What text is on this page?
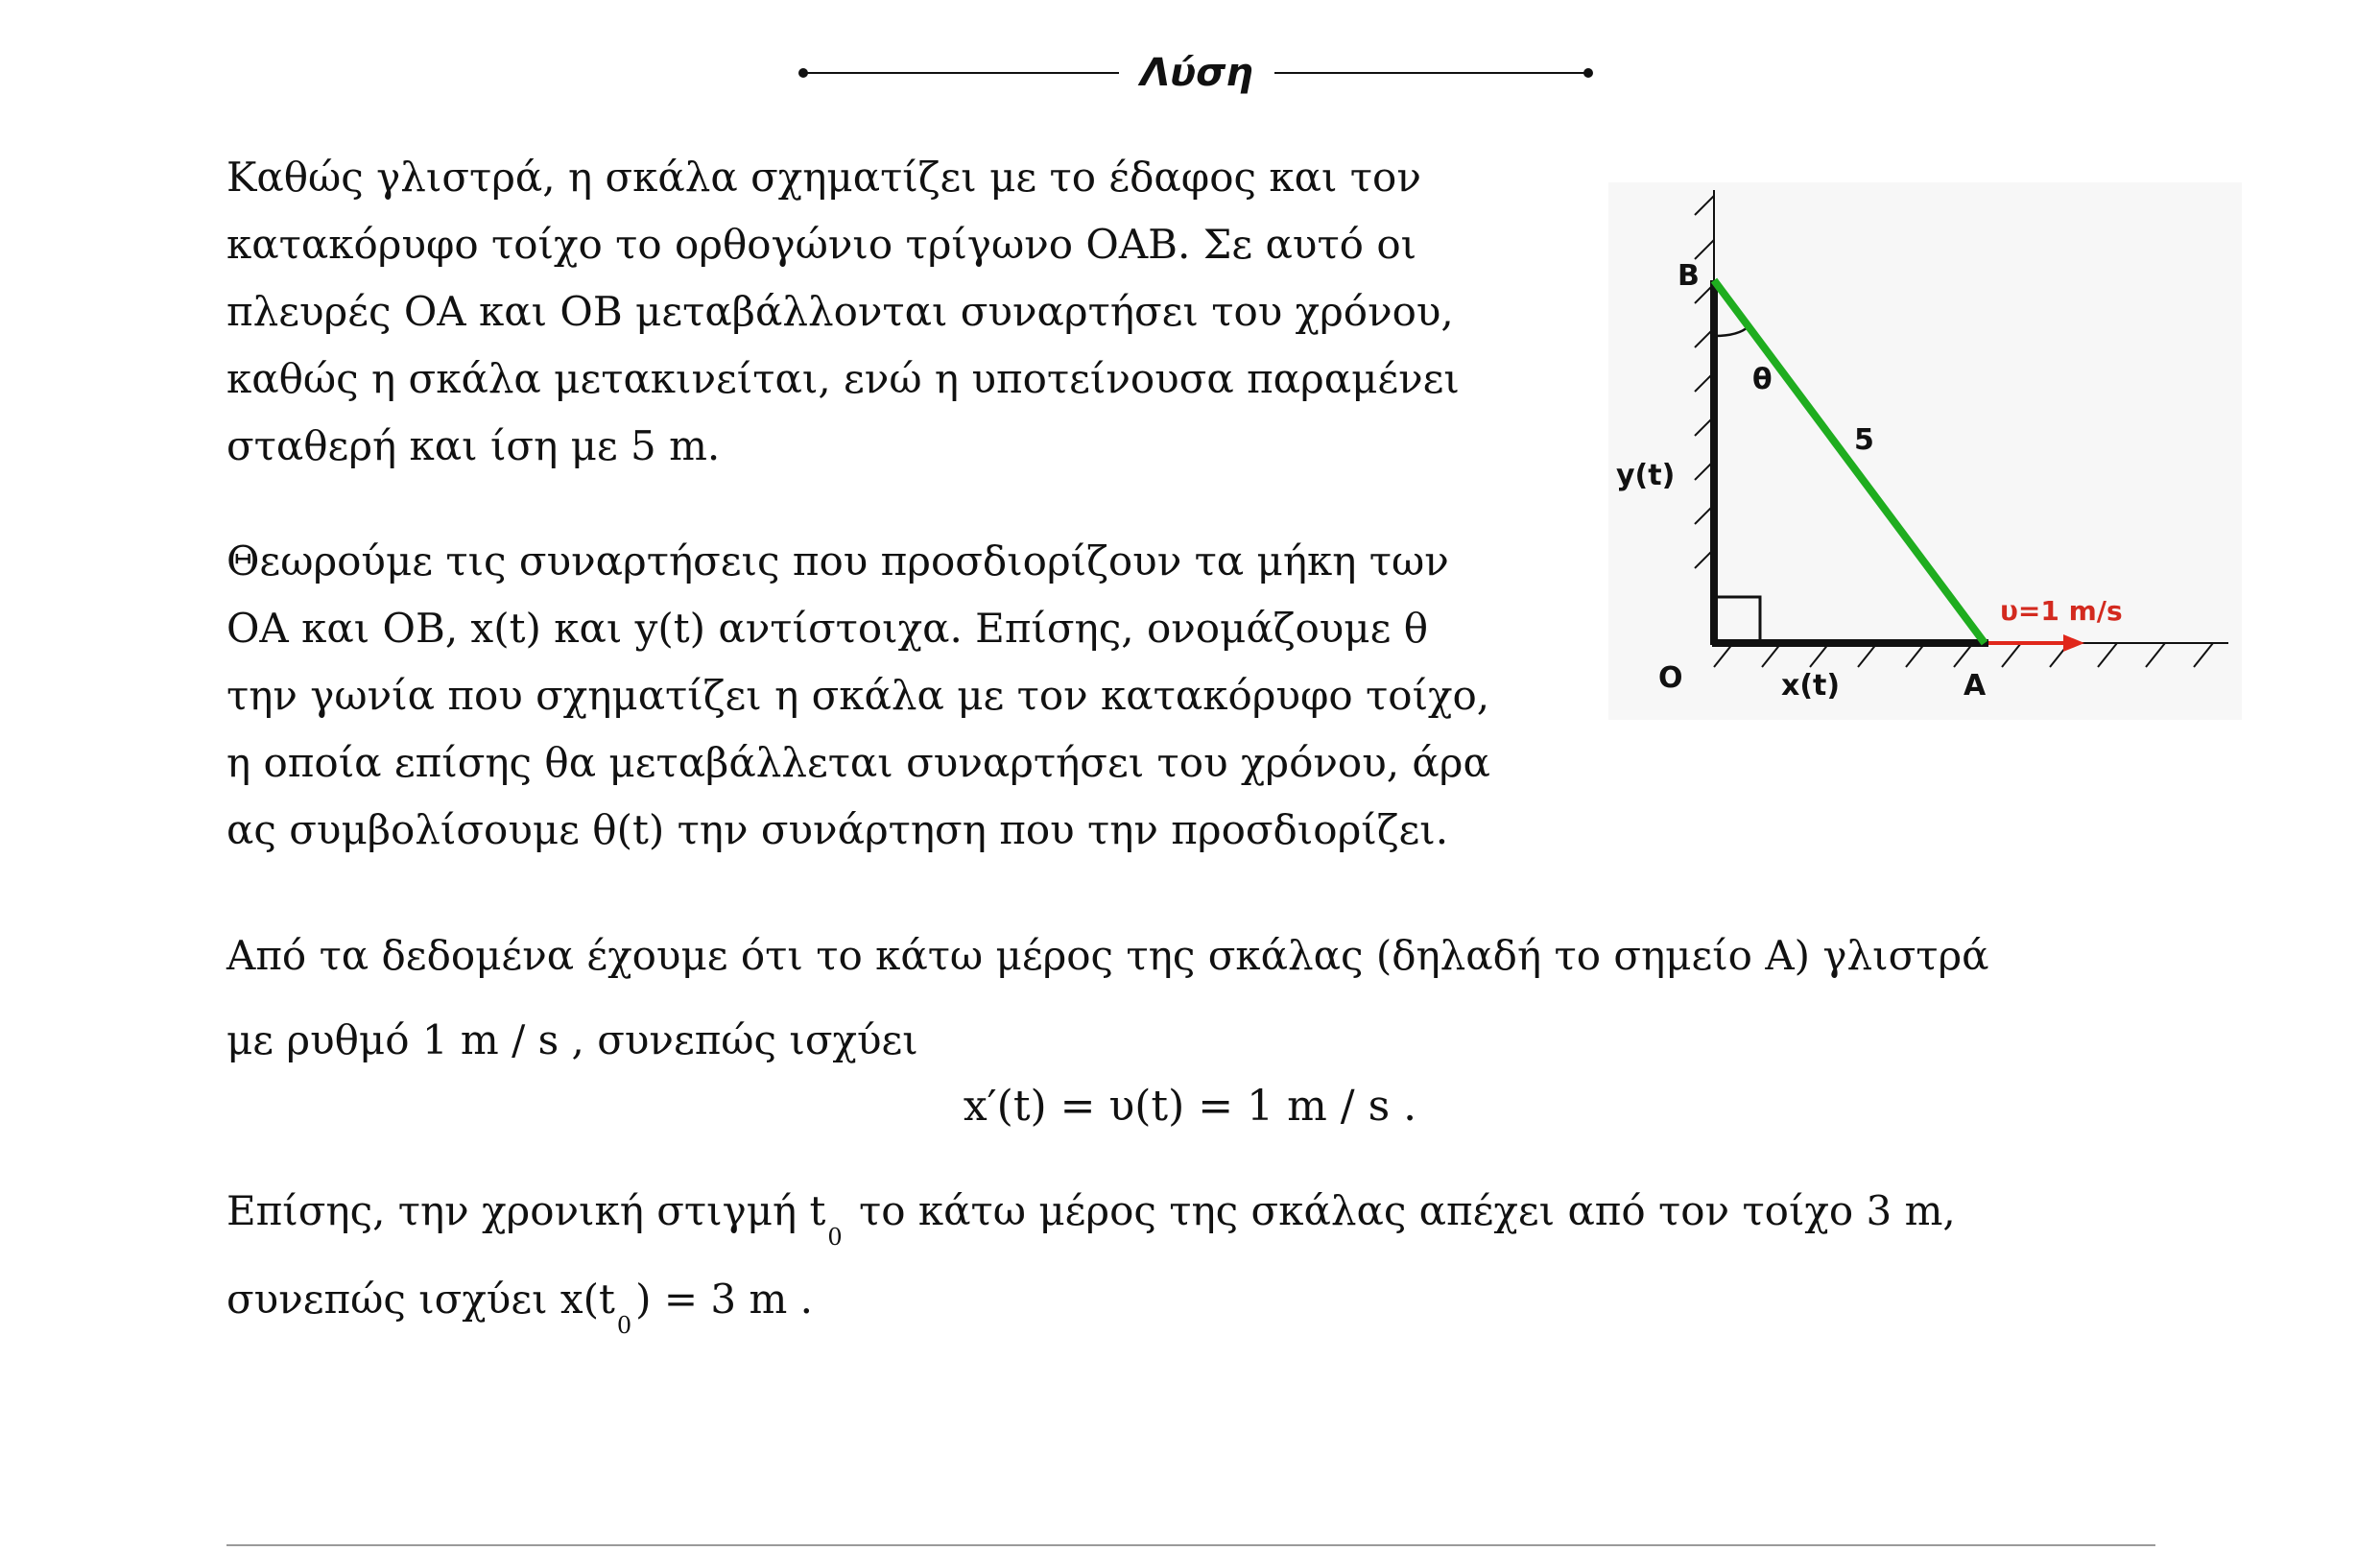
Λύση

Καθώς γλιστρά, η σκάλα σχηματίζει με το έδαφος και τον
κατακόρυφο τοίχο το ορθογώνιο τρίγωνο ΟΑΒ. Σε αυτό οι
πλευρές ΟΑ και ΟΒ μεταβάλλονται συναρτήσει του χρόνου,
καθώς η σκάλα μετακινείται, ενώ η υποτείνουσα παραμένει
σταθερή και ίση με 5 m.

Θεωρούμε τις συναρτήσεις που προσδιορίζουν τα μήκη των
ΟΑ και ΟΒ, x(t) και y(t) αντίστοιχα. Επίσης, ονομάζουμε θ
την γωνία που σχηματίζει η σκάλα με τον κατακόρυφο τοίχο,
η οποία επίσης θα μεταβάλλεται συναρτήσει του χρόνου, άρα
ας συμβολίσουμε θ(t) την συνάρτηση που την προσδιορίζει.

B
θ
5
y(t)
υ=1 m/s
O	x(t)	A

Από τα δεδομένα έχουμε ότι το κάτω μέρος της σκάλας (δηλαδή το σημείο Α) γλιστρά
με ρυθμό 1 m / s , συνεπώς ισχύει

x′(t) = υ(t) = 1 m / s .

Επίσης, την χρονική στιγμή $t_0$ το κάτω μέρος της σκάλας απέχει από τον τοίχο 3 m,
συνεπώς ισχύει $x(t_0) = 3$ m .
